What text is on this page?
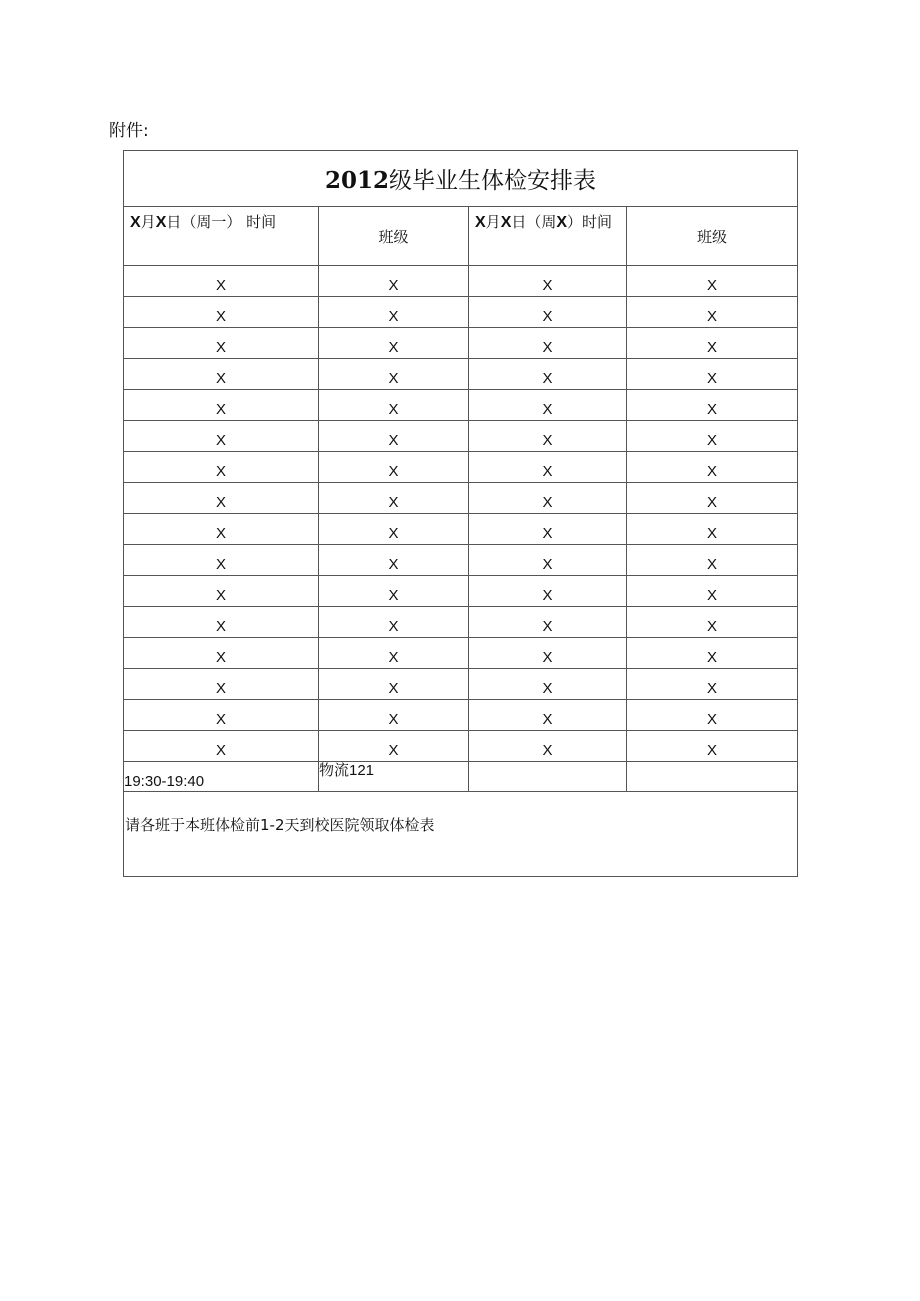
附件:
2012级毕业生体检安排表			
X月X日（周一） 时间	班级	X月X日（周X）时间	班级
X	X	X	X
X	X	X	X
X	X	X	X
X	X	X	X
X	X	X	X
X	X	X	X
X	X	X	X
X	X	X	X
X	X	X	X
X	X	X	X
X	X	X	X
X	X	X	X
X	X	X	X
X	X	X	X
X	X	X	X
X	X	X	X
19:30-19:40	物流121		
请各班于本班体检前1-2天到校医院领取体检表			
